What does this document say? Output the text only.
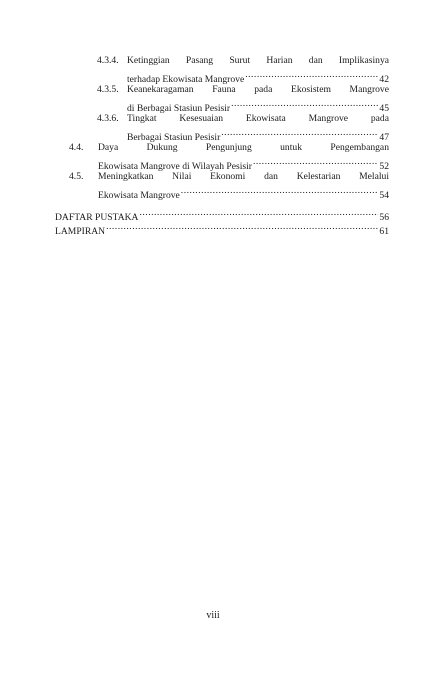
4.3.4. Ketinggian Pasang Surut Harian dan Implikasinya
terhadap Ekowisata Mangrove .....	42
4.3.5. Keanekaragaman Fauna pada Ekosistem Mangrove
di Berbagai Stasiun Pesisir .....	45
4.3.6. Tingkat Kesesuaian Ekowisata Mangrove pada
Berbagai Stasiun Pesisir .....	47
4.4. Daya Dukung Pengunjung untuk Pengembangan
Ekowisata Mangrove di Wilayah Pesisir .....	52
4.5. Meningkatkan Nilai Ekonomi dan Kelestarian Melalui
Ekowisata Mangrove .....	54
DAFTAR PUSTAKA .....	56
LAMPIRAN .....	61
viii
